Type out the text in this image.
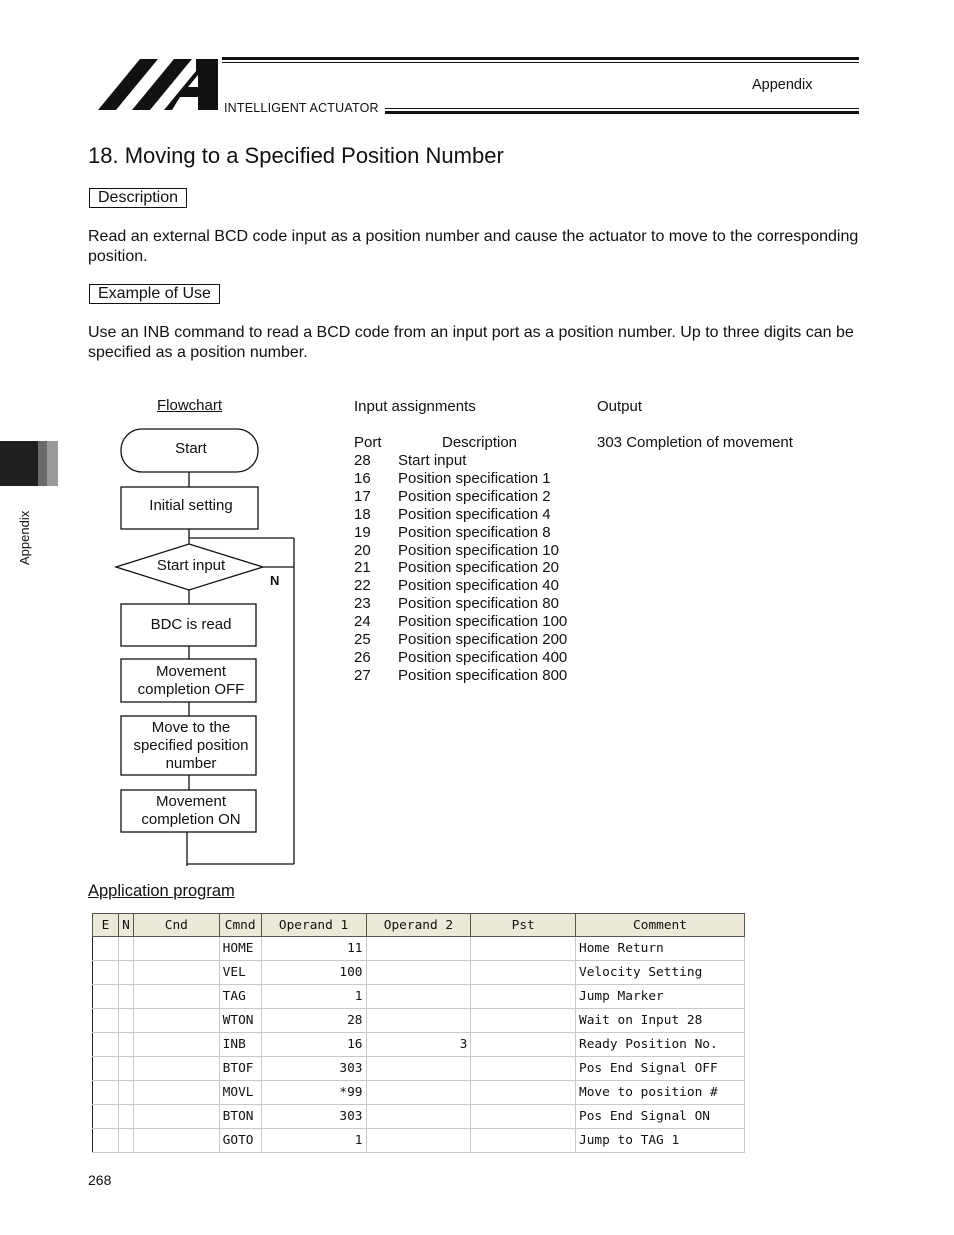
INTELLIGENT ACTUATOR
Appendix
Appendix
18. Moving to a Specified Position Number
Description
Read an external BCD code input as a position number and cause the actuator to move to the corresponding position.
Example of Use
Use an INB command to read a BCD code from an input port as a position number. Up to three digits can be specified as a position number.
Flowchart
Start
Initial setting
Start input
N
BDC is read
Movement
completion OFF
Move to the
specified position
number
Movement
completion ON
Input assignments
Port	Description
28 Start input
16 Position specification 1
17 Position specification 2
18 Position specification 4
19 Position specification 8
20 Position specification 10
21 Position specification 20
22 Position specification 40
23 Position specification 80
24 Position specification 100
25 Position specification 200
26 Position specification 400
27 Position specification 800
Output
303 Completion of movement
Application program
E	N	Cnd	Cmnd	Operand 1	Operand 2	Pst	Comment
			HOME	11			Home Return
			VEL	100			Velocity Setting
			TAG	1			Jump Marker
			WTON	28			Wait on Input 28
			INB	16	3		Ready Position No.
			BTOF	303			Pos End Signal OFF
			MOVL	*99			Move to position #
			BTON	303			Pos End Signal ON
			GOTO	1			Jump to TAG 1
268
